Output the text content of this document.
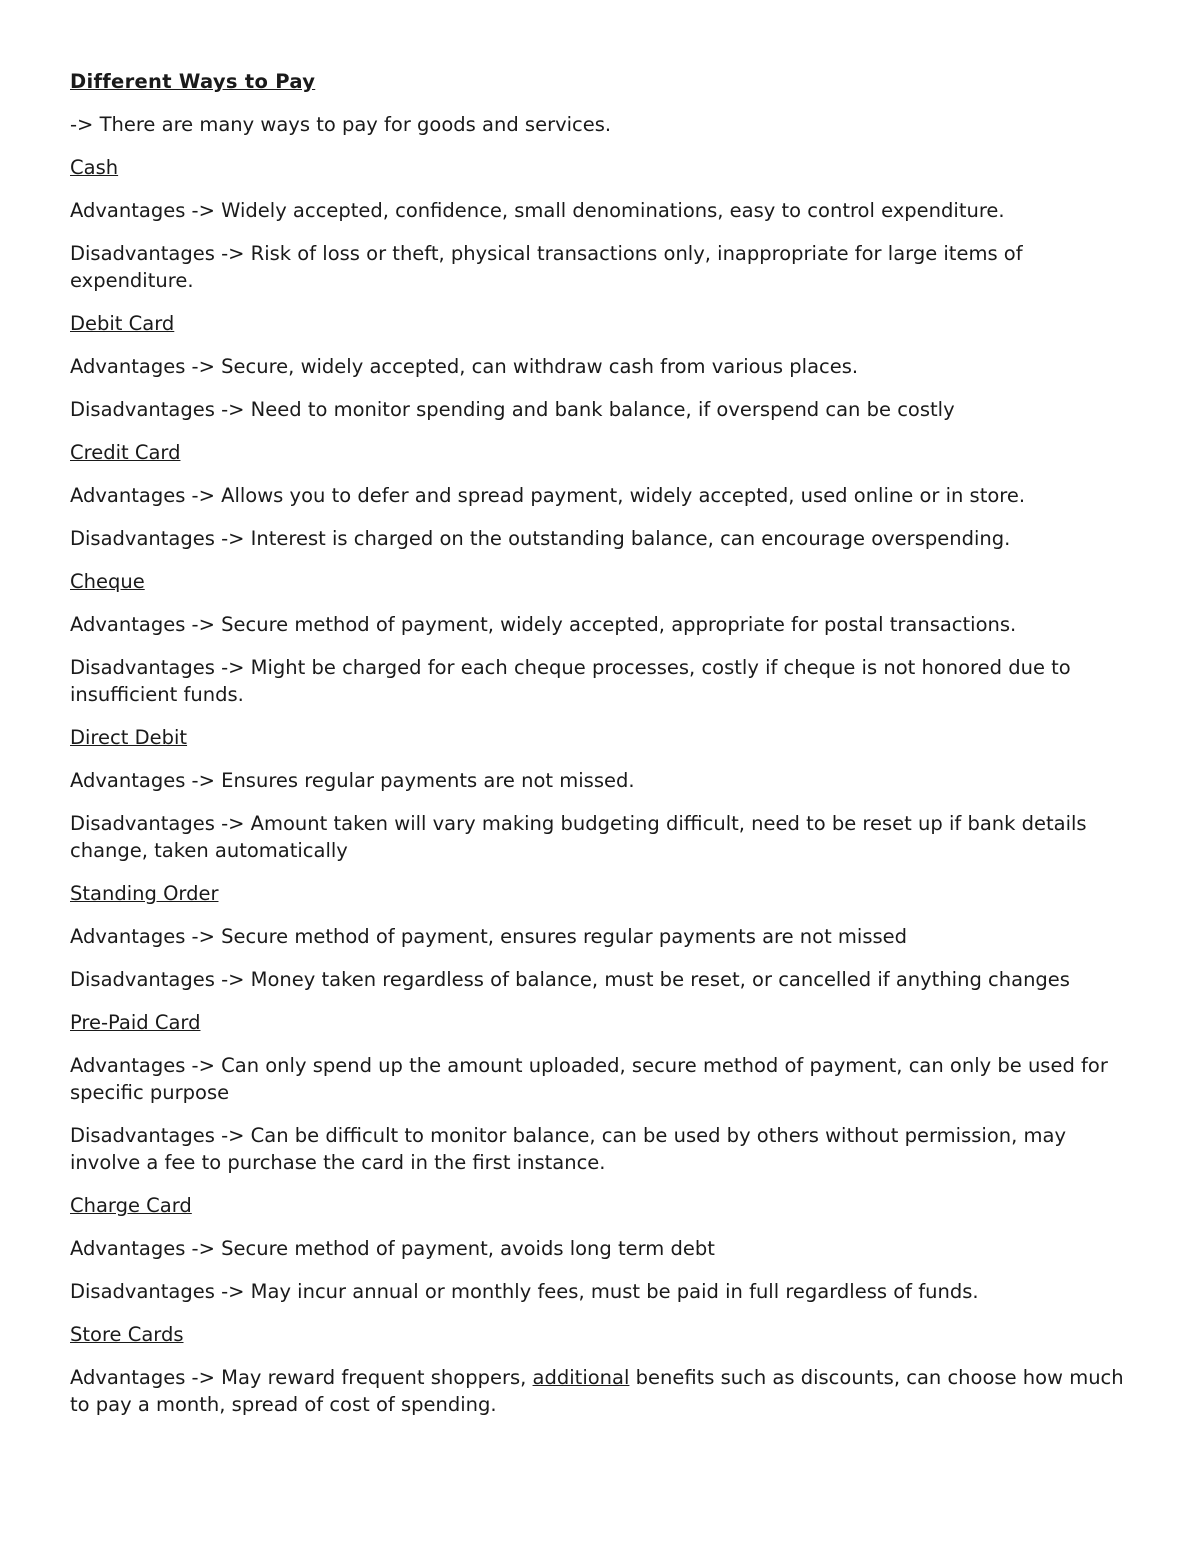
Different Ways to Pay
-> There are many ways to pay for goods and services.
Cash
Advantages -> Widely accepted, confidence, small denominations, easy to control expenditure.
Disadvantages -> Risk of loss or theft, physical transactions only, inappropriate for large items of expenditure.
Debit Card
Advantages -> Secure, widely accepted, can withdraw cash from various places.
Disadvantages -> Need to monitor spending and bank balance, if overspend can be costly
Credit Card
Advantages -> Allows you to defer and spread payment, widely accepted, used online or in store.
Disadvantages -> Interest is charged on the outstanding balance, can encourage overspending.
Cheque
Advantages -> Secure method of payment, widely accepted, appropriate for postal transactions.
Disadvantages -> Might be charged for each cheque processes, costly if cheque is not honored due to insufficient funds.
Direct Debit
Advantages -> Ensures regular payments are not missed.
Disadvantages -> Amount taken will vary making budgeting difficult, need to be reset up if bank details change, taken automatically
Standing Order
Advantages -> Secure method of payment, ensures regular payments are not missed
Disadvantages -> Money taken regardless of balance, must be reset, or cancelled if anything changes
Pre-Paid Card
Advantages -> Can only spend up the amount uploaded, secure method of payment, can only be used for specific purpose
Disadvantages -> Can be difficult to monitor balance, can be used by others without permission, may involve a fee to purchase the card in the first instance.
Charge Card
Advantages -> Secure method of payment, avoids long term debt
Disadvantages -> May incur annual or monthly fees, must be paid in full regardless of funds.
Store Cards
Advantages -> May reward frequent shoppers, additional benefits such as discounts, can choose how much to pay a month, spread of cost of spending.
